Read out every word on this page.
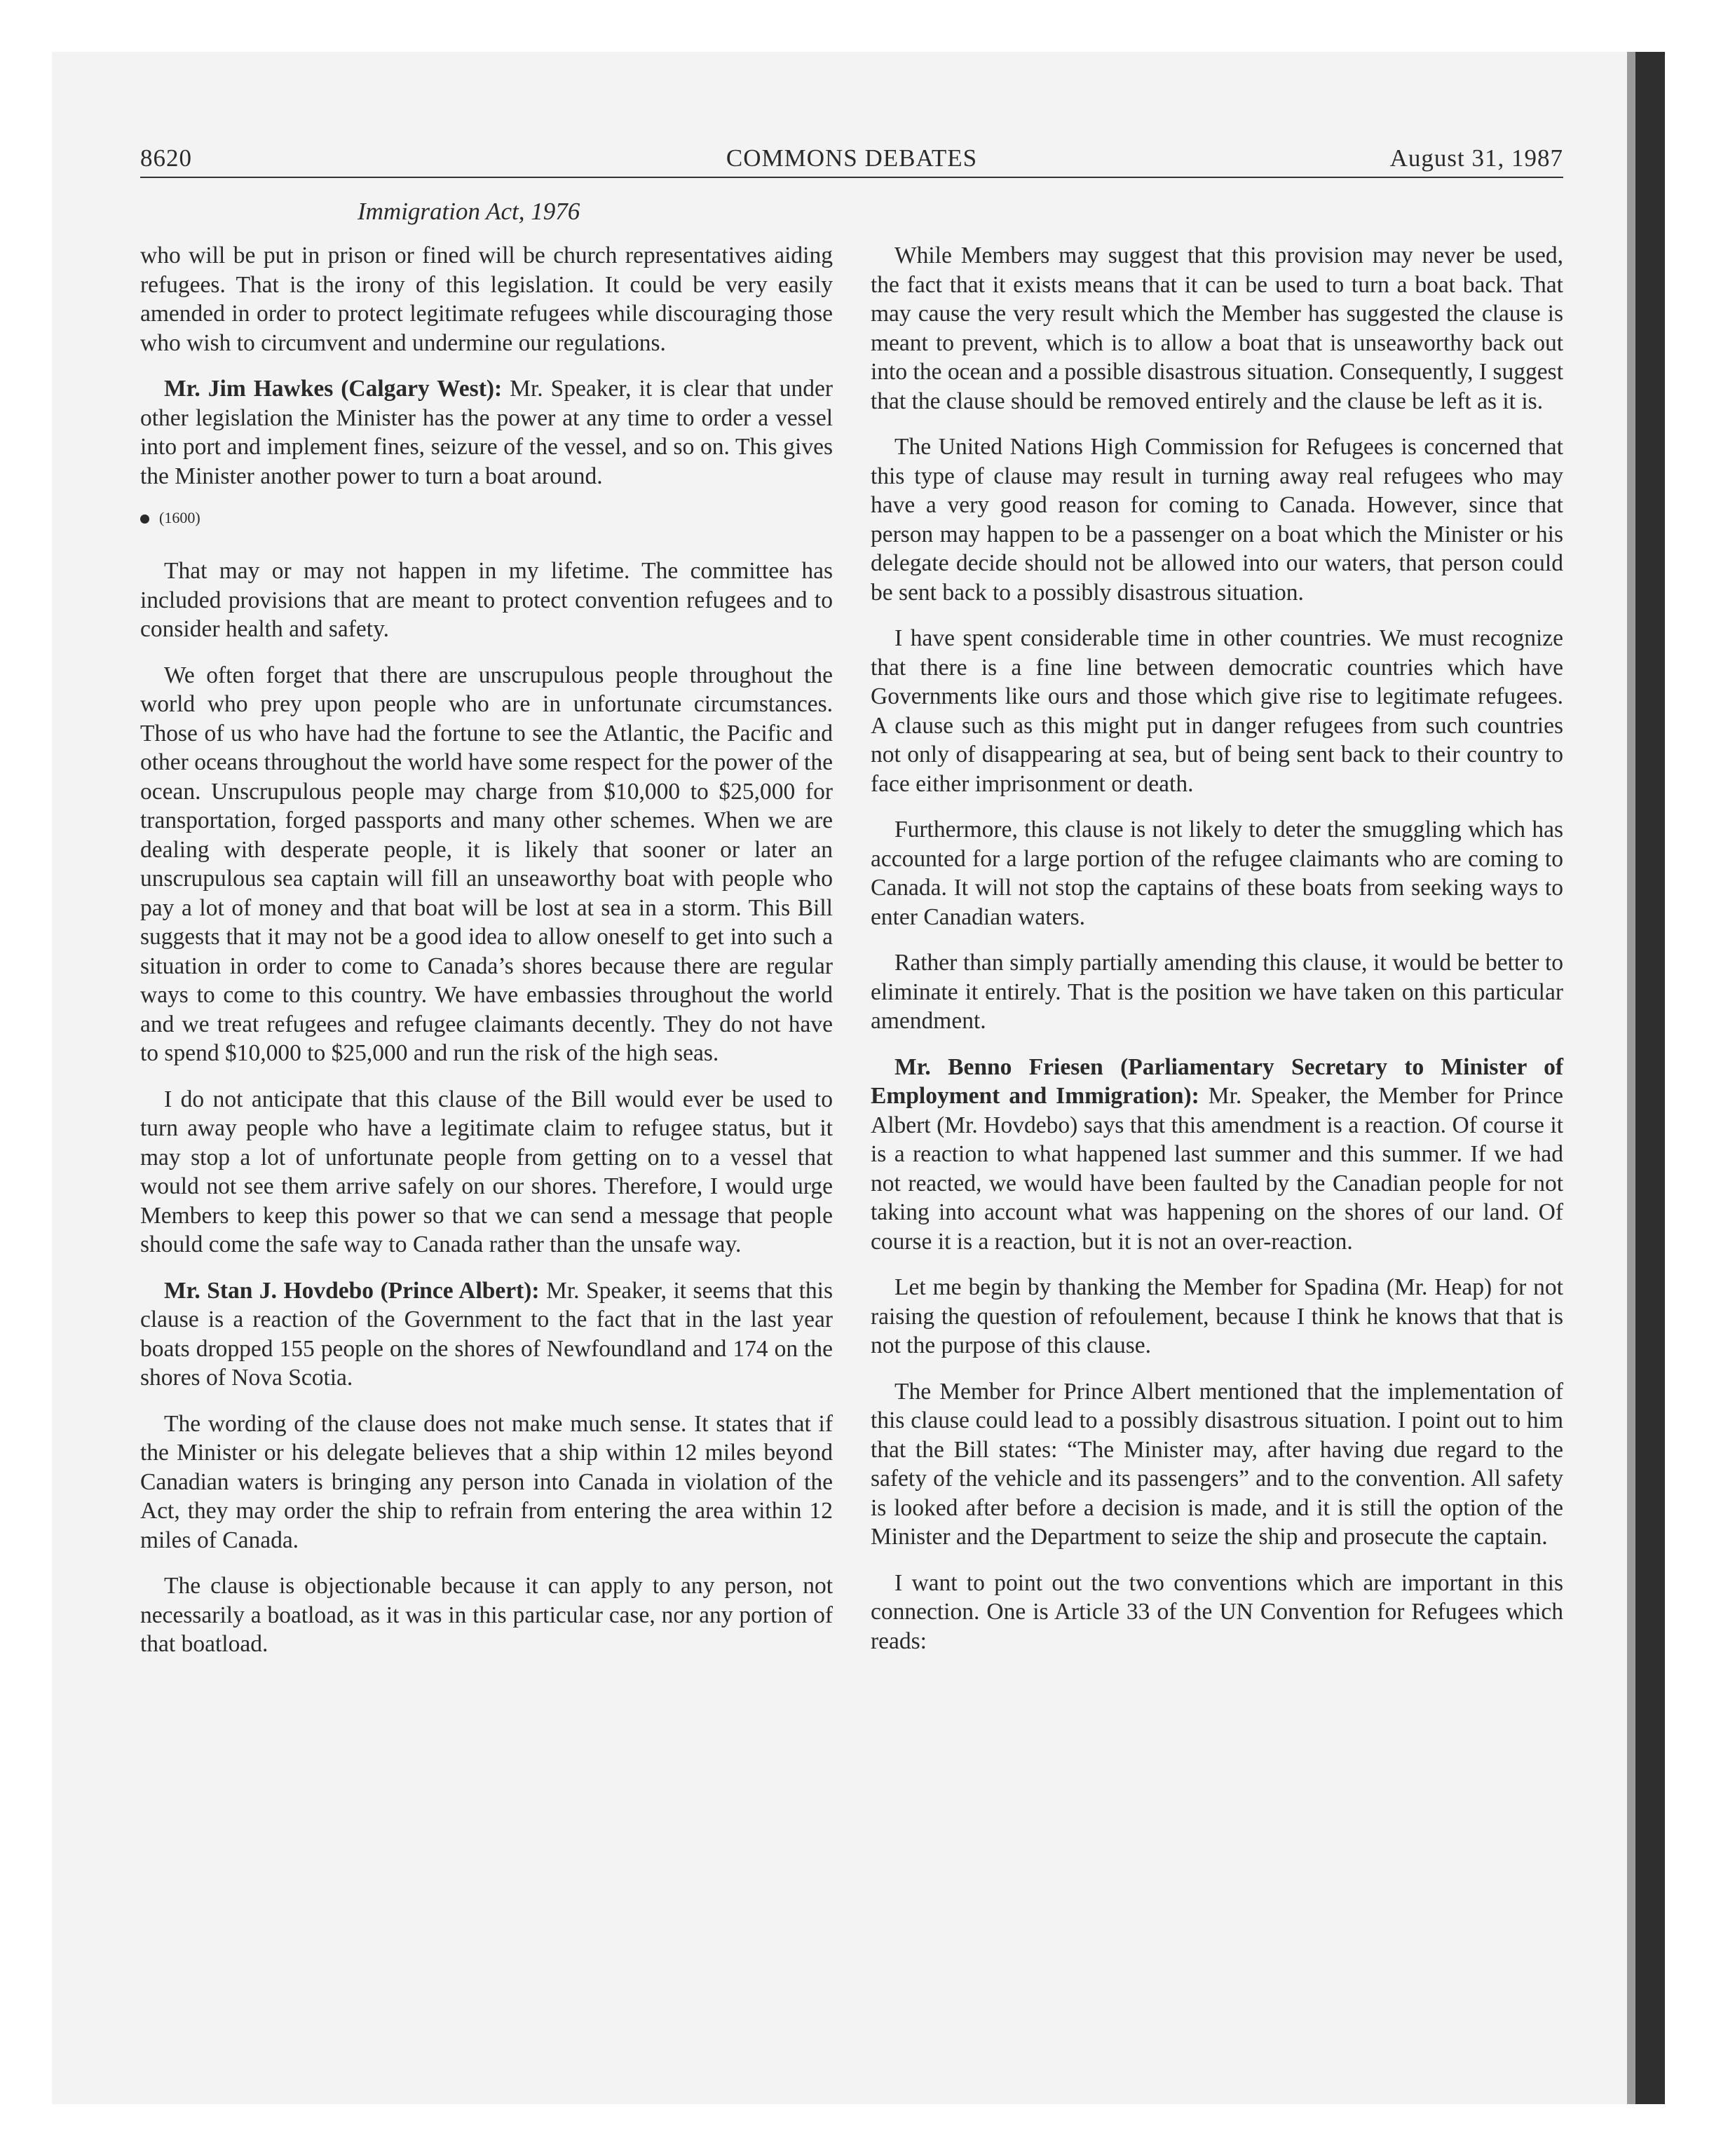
COMMONS DEBATES
8620	August 31, 1987
Immigration Act, 1976

who will be put in prison or fined will be church representatives aiding refugees. That is the irony of this legislation. It could be very easily amended in order to protect legitimate refugees while discouraging those who wish to circumvent and undermine our regulations.

Mr. Jim Hawkes (Calgary West): Mr. Speaker, it is clear that under other legislation the Minister has the power at any time to order a vessel into port and implement fines, seizure of the vessel, and so on. This gives the Minister another power to turn a boat around.

(1600)

That may or may not happen in my lifetime. The committee has included provisions that are meant to protect convention refugees and to consider health and safety.

We often forget that there are unscrupulous people throughout the world who prey upon people who are in unfortunate circumstances. Those of us who have had the fortune to see the Atlantic, the Pacific and other oceans throughout the world have some respect for the power of the ocean. Unscrupulous people may charge from $10,000 to $25,000 for transportation, forged passports and many other schemes. When we are dealing with desperate people, it is likely that sooner or later an unscrupulous sea captain will fill an unseaworthy boat with people who pay a lot of money and that boat will be lost at sea in a storm. This Bill suggests that it may not be a good idea to allow oneself to get into such a situation in order to come to Canada’s shores because there are regular ways to come to this country. We have embassies throughout the world and we treat refugees and refugee claimants decently. They do not have to spend $10,000 to $25,000 and run the risk of the high seas.

I do not anticipate that this clause of the Bill would ever be used to turn away people who have a legitimate claim to refugee status, but it may stop a lot of unfortunate people from getting on to a vessel that would not see them arrive safely on our shores. Therefore, I would urge Members to keep this power so that we can send a message that people should come the safe way to Canada rather than the unsafe way.

Mr. Stan J. Hovdebo (Prince Albert): Mr. Speaker, it seems that this clause is a reaction of the Government to the fact that in the last year boats dropped 155 people on the shores of Newfoundland and 174 on the shores of Nova Scotia.

The wording of the clause does not make much sense. It states that if the Minister or his delegate believes that a ship within 12 miles beyond Canadian waters is bringing any person into Canada in violation of the Act, they may order the ship to refrain from entering the area within 12 miles of Canada.

The clause is objectionable because it can apply to any person, not necessarily a boatload, as it was in this particular case, nor any portion of that boatload.

While Members may suggest that this provision may never be used, the fact that it exists means that it can be used to turn a boat back. That may cause the very result which the Member has suggested the clause is meant to prevent, which is to allow a boat that is unseaworthy back out into the ocean and a possible disastrous situation. Consequently, I suggest that the clause should be removed entirely and the clause be left as it is.

The United Nations High Commission for Refugees is concerned that this type of clause may result in turning away real refugees who may have a very good reason for coming to Canada. However, since that person may happen to be a passenger on a boat which the Minister or his delegate decide should not be allowed into our waters, that person could be sent back to a possibly disastrous situation.

I have spent considerable time in other countries. We must recognize that there is a fine line between democratic countries which have Governments like ours and those which give rise to legitimate refugees. A clause such as this might put in danger refugees from such countries not only of disappearing at sea, but of being sent back to their country to face either imprisonment or death.

Furthermore, this clause is not likely to deter the smuggling which has accounted for a large portion of the refugee claimants who are coming to Canada. It will not stop the captains of these boats from seeking ways to enter Canadian waters.

Rather than simply partially amending this clause, it would be better to eliminate it entirely. That is the position we have taken on this particular amendment.

Mr. Benno Friesen (Parliamentary Secretary to Minister of Employment and Immigration): Mr. Speaker, the Member for Prince Albert (Mr. Hovdebo) says that this amendment is a reaction. Of course it is a reaction to what happened last summer and this summer. If we had not reacted, we would have been faulted by the Canadian people for not taking into account what was happening on the shores of our land. Of course it is a reaction, but it is not an over-reaction.

Let me begin by thanking the Member for Spadina (Mr. Heap) for not raising the question of refoulement, because I think he knows that that is not the purpose of this clause.

The Member for Prince Albert mentioned that the implementation of this clause could lead to a possibly disastrous situation. I point out to him that the Bill states: “The Minister may, after having due regard to the safety of the vehicle and its passengers” and to the convention. All safety is looked after before a decision is made, and it is still the option of the Minister and the Department to seize the ship and prosecute the captain.

I want to point out the two conventions which are important in this connection. One is Article 33 of the UN Convention for Refugees which reads:
